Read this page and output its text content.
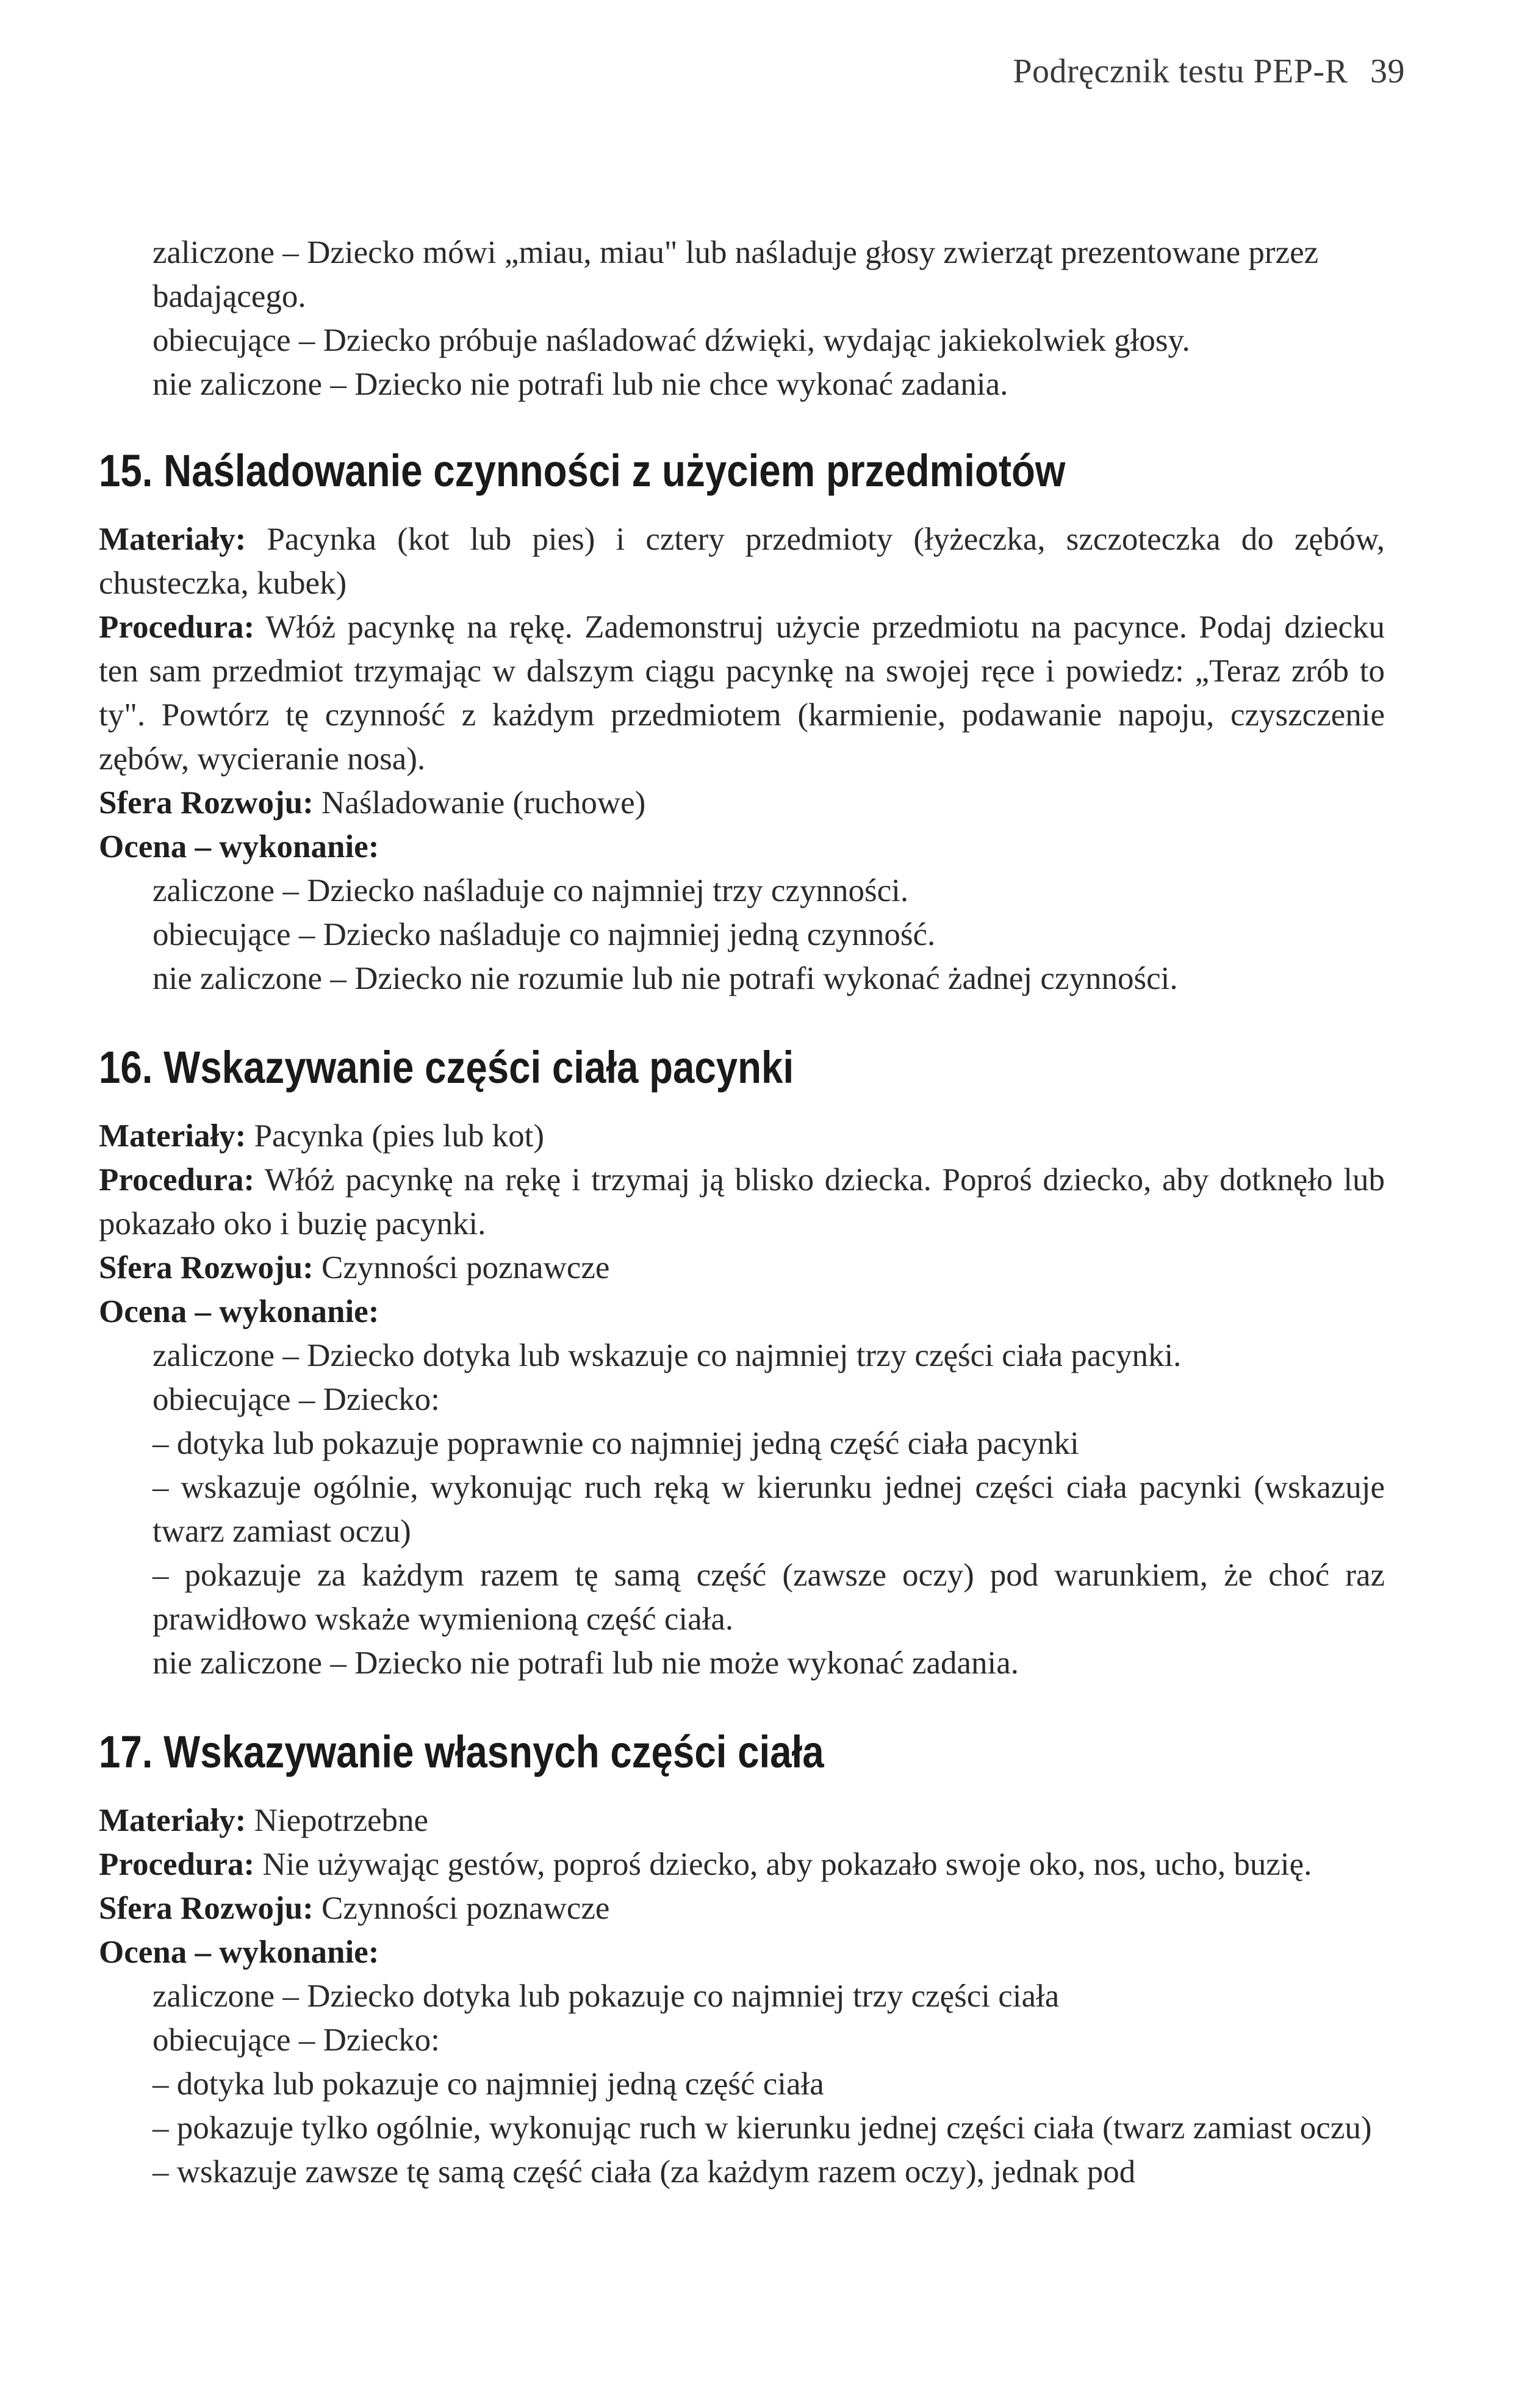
Podręcznik testu PEP-R 39

zaliczone – Dziecko mówi „miau, miau" lub naśladuje głosy zwierząt prezentowane przez badającego.

obiecujące – Dziecko próbuje naśladować dźwięki, wydając jakiekolwiek głosy.

nie zaliczone – Dziecko nie potrafi lub nie chce wykonać zadania.

15. Naśladowanie czynności z użyciem przedmiotów

Materiały: Pacynka (kot lub pies) i cztery przedmioty (łyżeczka, szczoteczka do zębów, chusteczka, kubek)

Procedura: Włóż pacynkę na rękę. Zademonstruj użycie przedmiotu na pacynce. Podaj dziecku ten sam przedmiot trzymając w dalszym ciągu pacynkę na swojej ręce i powiedz: „Teraz zrób to ty". Powtórz tę czynność z każdym przedmiotem (karmienie, podawanie napoju, czyszczenie zębów, wycieranie nosa).

Sfera Rozwoju: Naśladowanie (ruchowe)

Ocena – wykonanie:

zaliczone – Dziecko naśladuje co najmniej trzy czynności.

obiecujące – Dziecko naśladuje co najmniej jedną czynność.

nie zaliczone – Dziecko nie rozumie lub nie potrafi wykonać żadnej czynności.

16. Wskazywanie części ciała pacynki

Materiały: Pacynka (pies lub kot)

Procedura: Włóż pacynkę na rękę i trzymaj ją blisko dziecka. Poproś dziecko, aby dotknęło lub pokazało oko i buzię pacynki.

Sfera Rozwoju: Czynności poznawcze

Ocena – wykonanie:

zaliczone – Dziecko dotyka lub wskazuje co najmniej trzy części ciała pacynki.

obiecujące – Dziecko:

– dotyka lub pokazuje poprawnie co najmniej jedną część ciała pacynki

– wskazuje ogólnie, wykonując ruch ręką w kierunku jednej części ciała pacynki (wskazuje twarz zamiast oczu)

– pokazuje za każdym razem tę samą część (zawsze oczy) pod warunkiem, że choć raz prawidłowo wskaże wymienioną część ciała.

nie zaliczone – Dziecko nie potrafi lub nie może wykonać zadania.

17. Wskazywanie własnych części ciała

Materiały: Niepotrzebne

Procedura: Nie używając gestów, poproś dziecko, aby pokazało swoje oko, nos, ucho, buzię.

Sfera Rozwoju: Czynności poznawcze

Ocena – wykonanie:

zaliczone – Dziecko dotyka lub pokazuje co najmniej trzy części ciała

obiecujące – Dziecko:

– dotyka lub pokazuje co najmniej jedną część ciała

– pokazuje tylko ogólnie, wykonując ruch w kierunku jednej części ciała (twarz zamiast oczu)

– wskazuje zawsze tę samą część ciała (za każdym razem oczy), jednak pod
